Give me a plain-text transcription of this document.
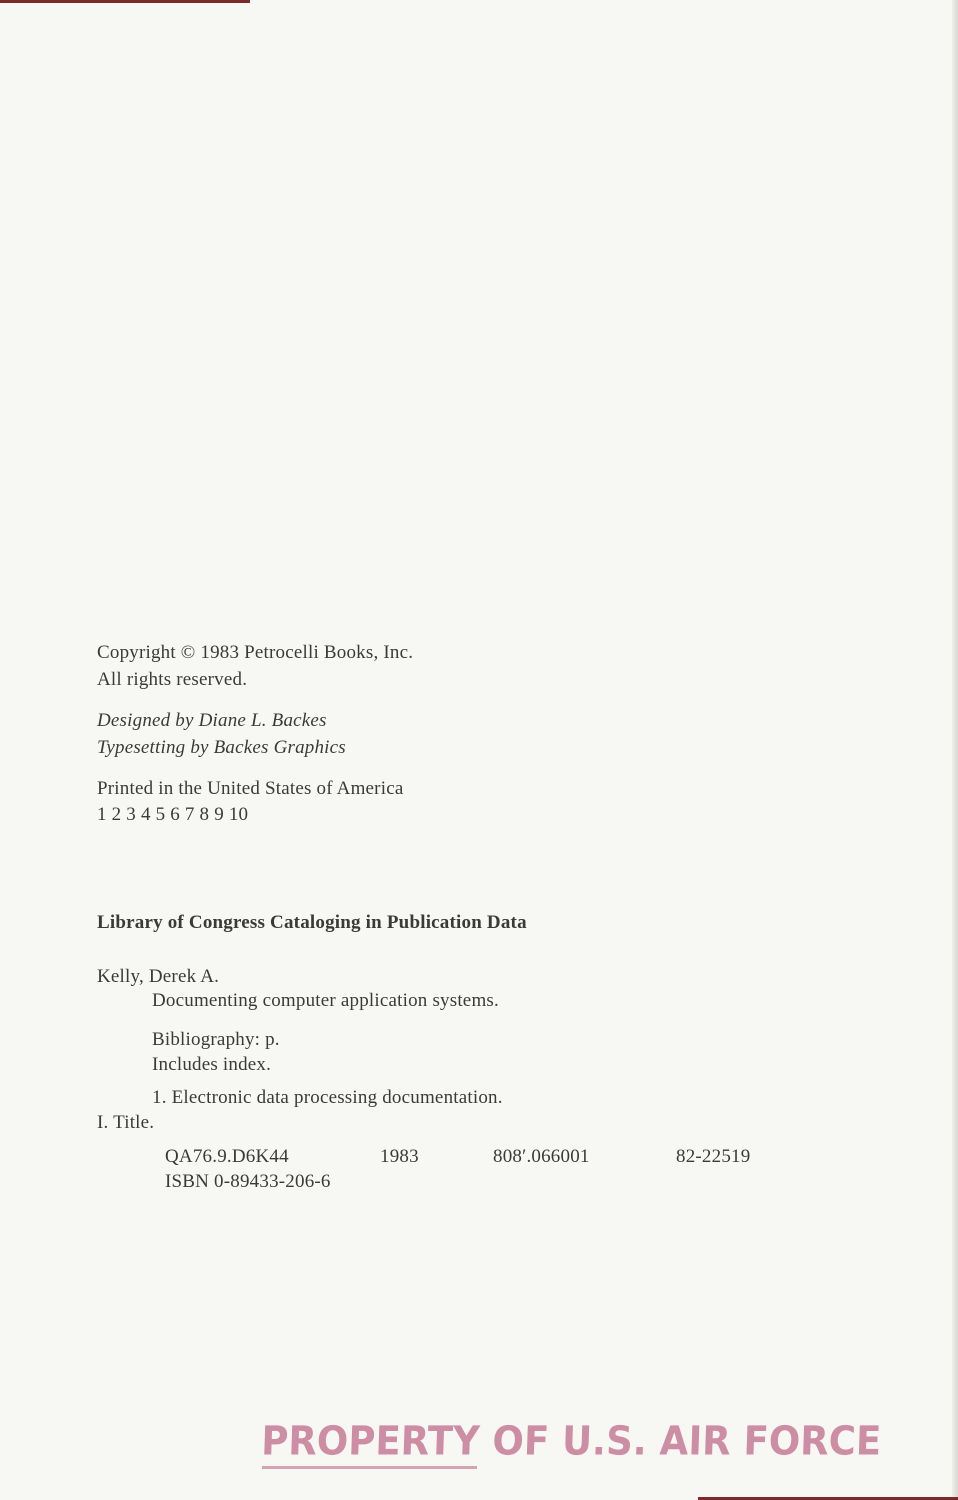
Copyright © 1983 Petrocelli Books, Inc.
All rights reserved.
Designed by Diane L. Backes
Typesetting by Backes Graphics
Printed in the United States of America
1 2 3 4 5 6 7 8 9 10
Library of Congress Cataloging in Publication Data
Kelly, Derek A.
Documenting computer application systems.
Bibliography: p.
Includes index.
1. Electronic data processing documentation.
I. Title.
QA76.9.D6K44	1983	808′.066001	82-22519
ISBN 0-89433-206-6
PROPERTY OF U.S. AIR FORCE
